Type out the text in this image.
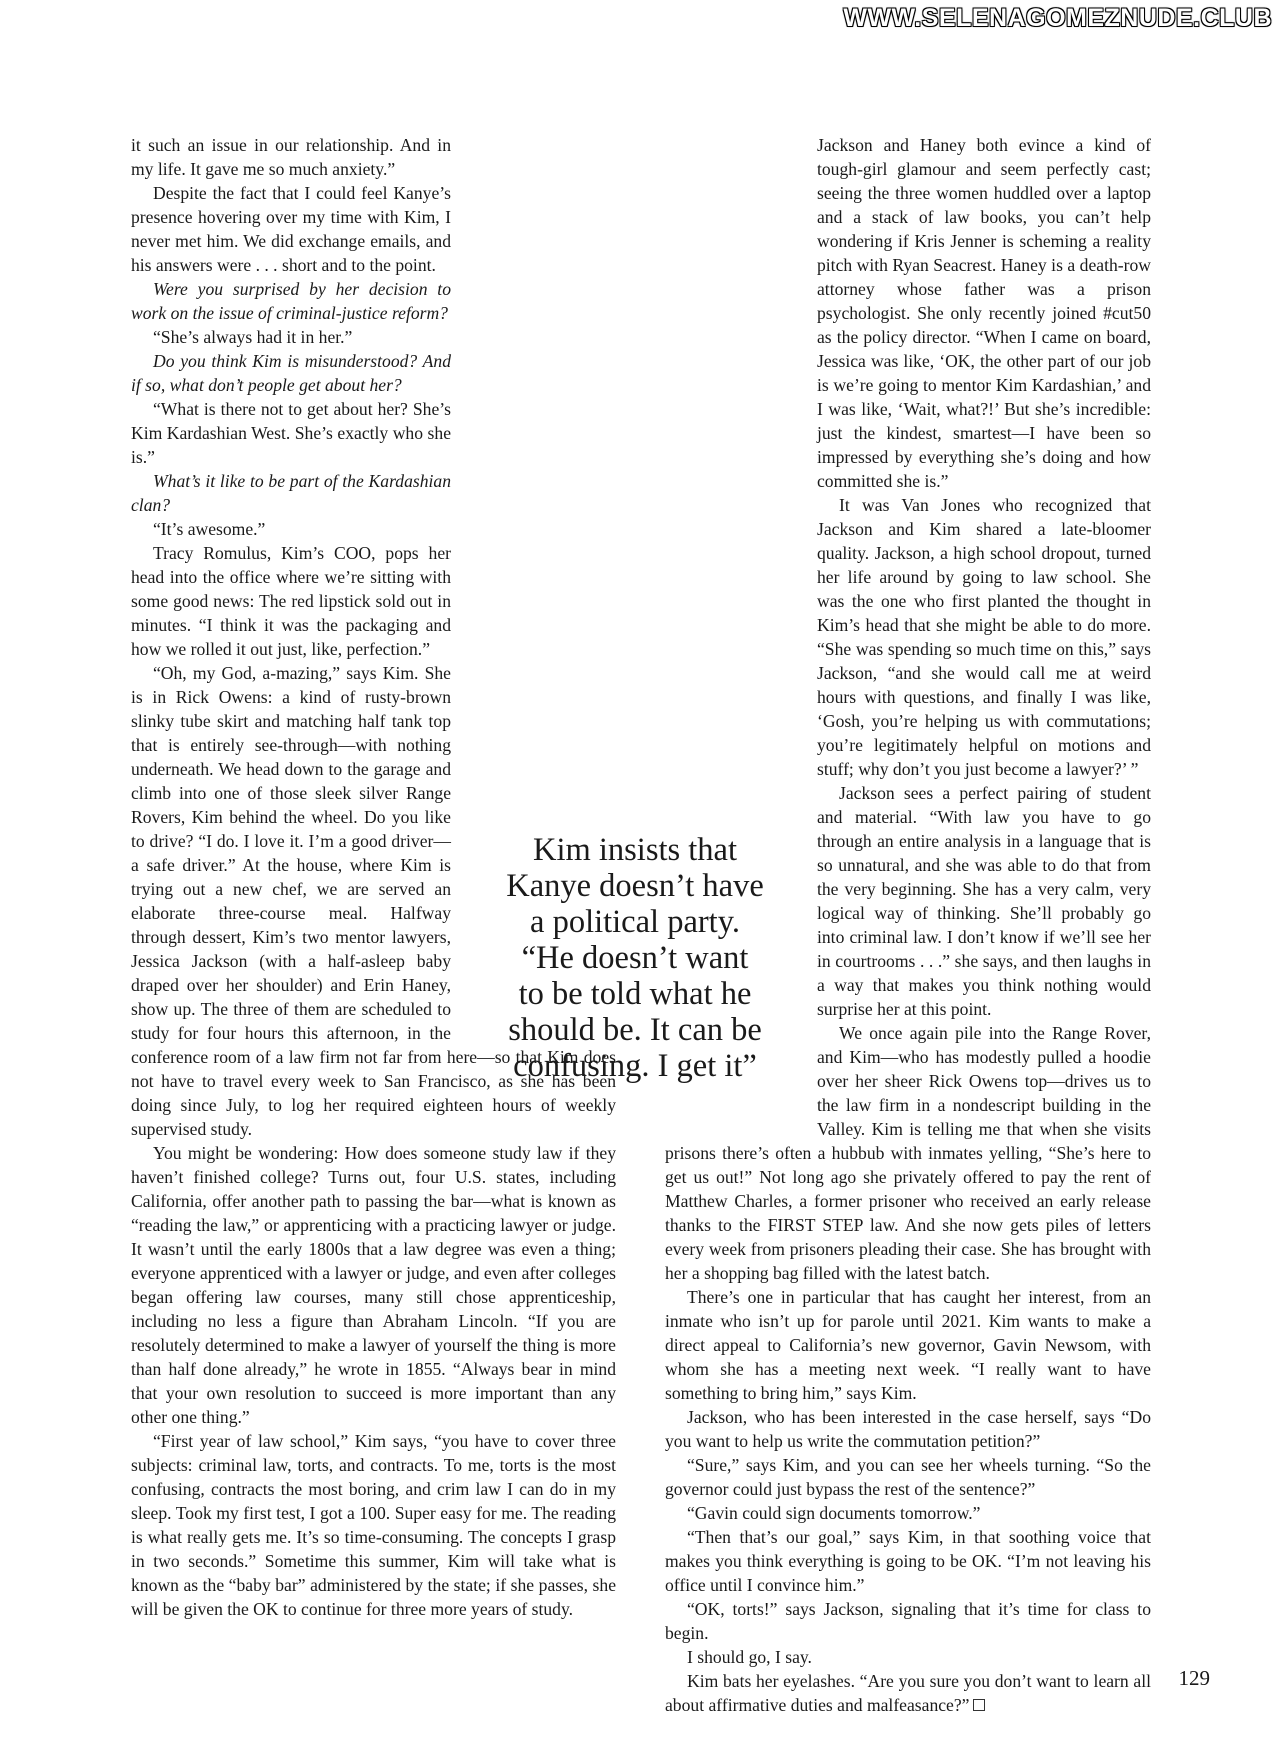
WWW.SELENAGOMEZNUDE.CLUB

it such an issue in our relationship. And in my life. It gave me so much anxiety.”

Despite the fact that I could feel Kanye’s presence hovering over my time with Kim, I never met him. We did exchange emails, and his answers were . . . short and to the point.

Were you surprised by her decision to work on the issue of criminal-justice reform?

“She’s always had it in her.”

Do you think Kim is misunderstood? And if so, what don’t people get about her?

“What is there not to get about her? She’s Kim Kardashian West. She’s exactly who she is.”

What’s it like to be part of the Kardashian clan?

“It’s awesome.”

Tracy Romulus, Kim’s COO, pops her head into the office where we’re sitting with some good news: The red lipstick sold out in minutes. “I think it was the packaging and how we rolled it out just, like, perfection.”

“Oh, my God, a-mazing,” says Kim. She is in Rick Owens: a kind of rusty-brown slinky tube skirt and matching half tank top that is entirely see-through—with nothing underneath. We head down to the garage and climb into one of those sleek silver Range Rovers, Kim behind the wheel. Do you like to drive? “I do. I love it. I’m a good driver—a safe driver.” At the house, where Kim is trying out a new chef, we are served an elaborate three-course meal. Halfway through dessert, Kim’s two mentor lawyers, Jessica Jackson (with a half-asleep baby draped over her shoulder) and Erin Haney, show up. The three of them are scheduled to study for four hours this afternoon, in the conference room of a law firm not far from here—so that Kim does not have to travel every week to San Francisco, as she has been doing since July, to log her required eighteen hours of weekly supervised study.

You might be wondering: How does someone study law if they haven’t finished college? Turns out, four U.S. states, including California, offer another path to passing the bar—what is known as “reading the law,” or apprenticing with a practicing lawyer or judge. It wasn’t until the early 1800s that a law degree was even a thing; everyone apprenticed with a lawyer or judge, and even after colleges began offering law courses, many still chose apprenticeship, including no less a figure than Abraham Lincoln. “If you are resolutely determined to make a lawyer of yourself the thing is more than half done already,” he wrote in 1855. “Always bear in mind that your own resolution to succeed is more important than any other one thing.”

“First year of law school,” Kim says, “you have to cover three subjects: criminal law, torts, and contracts. To me, torts is the most confusing, contracts the most boring, and crim law I can do in my sleep. Took my first test, I got a 100. Super easy for me. The reading is what really gets me. It’s so time-consuming. The concepts I grasp in two seconds.” Sometime this summer, Kim will take what is known as the “baby bar” administered by the state; if she passes, she will be given the OK to continue for three more years of study.

Jackson and Haney both evince a kind of tough-girl glamour and seem perfectly cast; seeing the three women huddled over a laptop and a stack of law books, you can’t help wondering if Kris Jenner is scheming a reality pitch with Ryan Seacrest. Haney is a death-row attorney whose father was a prison psychologist. She only recently joined #cut50 as the policy director. “When I came on board, Jessica was like, ‘OK, the other part of our job is we’re going to mentor Kim Kardashian,’ and I was like, ‘Wait, what?!’ But she’s incredible: just the kindest, smartest—I have been so impressed by everything she’s doing and how committed she is.”

It was Van Jones who recognized that Jackson and Kim shared a late-bloomer quality. Jackson, a high school dropout, turned her life around by going to law school. She was the one who first planted the thought in Kim’s head that she might be able to do more. “She was spending so much time on this,” says Jackson, “and she would call me at weird hours with questions, and finally I was like, ‘Gosh, you’re helping us with commutations; you’re legitimately helpful on motions and stuff; why don’t you just become a lawyer?’ ”

Jackson sees a perfect pairing of student and material. “With law you have to go through an entire analysis in a language that is so unnatural, and she was able to do that from the very beginning. She has a very calm, very logical way of thinking. She’ll probably go into criminal law. I don’t know if we’ll see her in courtrooms . . .” she says, and then laughs in a way that makes you think nothing would surprise her at this point.

We once again pile into the Range Rover, and Kim—who has modestly pulled a hoodie over her sheer Rick Owens top—drives us to the law firm in a nondescript building in the Valley. Kim is telling me that when she visits prisons there’s often a hubbub with inmates yelling, “She’s here to get us out!” Not long ago she privately offered to pay the rent of Matthew Charles, a former prisoner who received an early release thanks to the FIRST STEP law. And she now gets piles of letters every week from prisoners pleading their case. She has brought with her a shopping bag filled with the latest batch.

There’s one in particular that has caught her interest, from an inmate who isn’t up for parole until 2021. Kim wants to make a direct appeal to California’s new governor, Gavin Newsom, with whom she has a meeting next week. “I really want to have something to bring him,” says Kim.

Jackson, who has been interested in the case herself, says “Do you want to help us write the commutation petition?”

“Sure,” says Kim, and you can see her wheels turning. “So the governor could just bypass the rest of the sentence?”

“Gavin could sign documents tomorrow.”

“Then that’s our goal,” says Kim, in that soothing voice that makes you think everything is going to be OK. “I’m not leaving his office until I convince him.”

“OK, torts!” says Jackson, signaling that it’s time for class to begin.

I should go, I say.

Kim bats her eyelashes. “Are you sure you don’t want to learn all about affirmative duties and malfeasance?”

Kim insists that Kanye doesn’t have a political party. “He doesn’t want to be told what he should be. It can be confusing. I get it”
129
